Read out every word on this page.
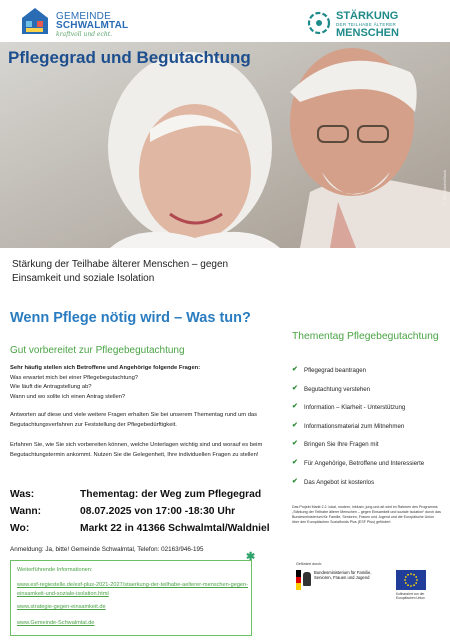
GEMEINDE
SCHWALMTAL
kraftvoll und echt.
STÄRKUNG
DER TEILHABE ÄLTERER
MENSCHEN
Pflegegrad und Begutachtung
© Bild: AdobeStock
Stärkung der Teilhabe älterer Menschen – gegen Einsamkeit und soziale Isolation
Wenn Pflege nötig wird – Was tun?
Gut vorbereitet zur Pflegebegutachtung
Sehr häufig stellen sich Betroffene und Angehörige folgende Fragen:
Was erwartet mich bei einer Pflegebegutachtung?
Wie läuft die Antragstellung ab?
Wann und wo sollte ich einen Antrag stellen?
Antworten auf diese und viele weitere Fragen erhalten Sie bei unserem Thementag rund um das Begutachtungsverfahren zur Feststellung der Pflegebedürftigkeit.
Erfahren Sie, wie Sie sich vorbereiten können, welche Unterlagen wichtig sind und worauf es beim Begutachtungstermin ankommt. Nutzen Sie die Gelegenheit, Ihre individuellen Fragen zu stellen!
Was:	Thementag: der Weg zum Pflegegrad
Wann:	08.07.2025 von 17:00 -18:30 Uhr
Wo:	Markt 22 in 41366 Schwalmtal/Waldniel
Anmeldung: Ja, bitte! Gemeinde Schwalmtal, Telefon: 02163/946-195
✱
Weiterführende Informationen:
www.esf-regiestelle.de/esf-plus-2021-2027/staerkung-der-teilhabe-aelterer-menschen-gegen-einsamkeit-und-soziale-isolation.html
www.strategie-gegen-einsamkeit.de
www.Gemeinde-Schwalmtal.de
Thementag Pflegebegutachtung
✔ Pflegegrad beantragen
✔ Begutachtung verstehen
✔ Information – Klarheit - Unterstützung
✔ Informationsmaterial zum Mitnehmen
✔ Bringen Sie Ihre Fragen mit
✔ Für Angehörige, Betroffene und Interessierte
✔ Das Angebot ist kostenlos
Das Projekt Markt 2.2. lokal, modern, inklusiv, jung und alt wird im Rahmen des Programms „Stärkung der Teilhabe älterer Menschen – gegen Einsamkeit und soziale Isolation“ durch das Bundesministerium für Familie, Senioren, Frauen und Jugend und die Europäische Union über den Europäischen Sozialfonds Plus (ESF Plus) gefördert
Gefördert durch:
Bundesministerium für Familie, Senioren, Frauen und Jugend
Kofinanziert von der Europäischen Union
